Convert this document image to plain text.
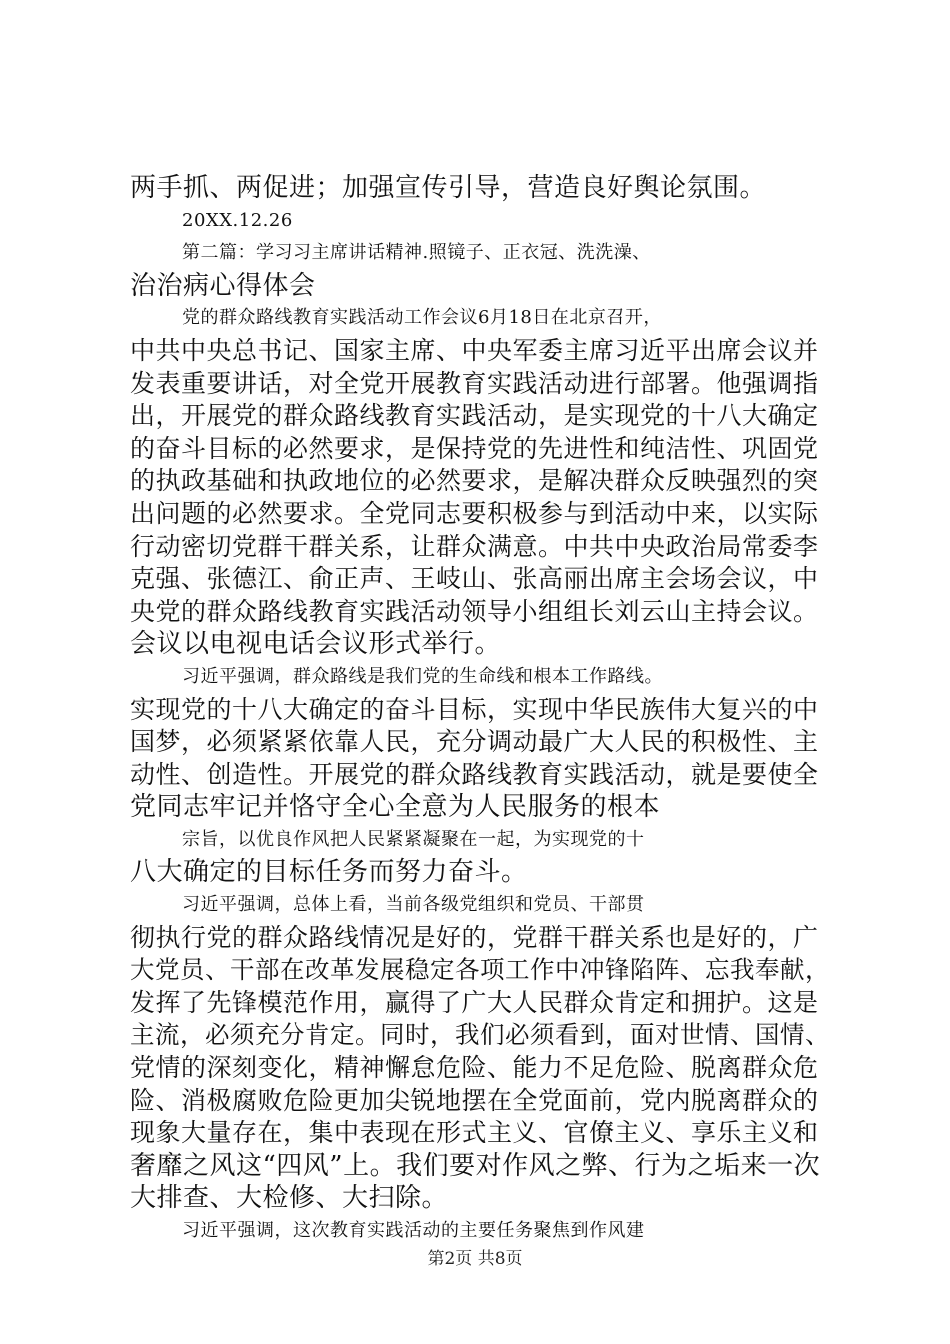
两手抓、两促进；加强宣传引导，营造良好舆论氛围。
20XX.12.26
第二篇：学习习主席讲话精神.照镜子、正衣冠、洗洗澡、
治治病心得体会
党的群众路线教育实践活动工作会议6月18日在北京召开，
中共中央总书记、国家主席、中央军委主席习近平出席会议并
发表重要讲话，对全党开展教育实践活动进行部署。他强调指
出，开展党的群众路线教育实践活动，是实现党的十八大确定
的奋斗目标的必然要求，是保持党的先进性和纯洁性、巩固党
的执政基础和执政地位的必然要求，是解决群众反映强烈的突
出问题的必然要求。全党同志要积极参与到活动中来，以实际
行动密切党群干群关系，让群众满意。中共中央政治局常委李
克强、张德江、俞正声、王岐山、张高丽出席主会场会议，中
央党的群众路线教育实践活动领导小组组长刘云山主持会议。
会议以电视电话会议形式举行。
习近平强调，群众路线是我们党的生命线和根本工作路线。
实现党的十八大确定的奋斗目标，实现中华民族伟大复兴的中
国梦，必须紧紧依靠人民，充分调动最广大人民的积极性、主
动性、创造性。开展党的群众路线教育实践活动，就是要使全
党同志牢记并恪守全心全意为人民服务的根本
宗旨，以优良作风把人民紧紧凝聚在一起，为实现党的十
八大确定的目标任务而努力奋斗。
习近平强调，总体上看，当前各级党组织和党员、干部贯
彻执行党的群众路线情况是好的，党群干群关系也是好的，广
大党员、干部在改革发展稳定各项工作中冲锋陷阵、忘我奉献，
发挥了先锋模范作用，赢得了广大人民群众肯定和拥护。这是
主流，必须充分肯定。同时，我们必须看到，面对世情、国情、
党情的深刻变化，精神懈怠危险、能力不足危险、脱离群众危
险、消极腐败危险更加尖锐地摆在全党面前，党内脱离群众的
现象大量存在，集中表现在形式主义、官僚主义、享乐主义和
奢靡之风这“四风”上。我们要对作风之弊、行为之垢来一次
大排查、大检修、大扫除。
习近平强调，这次教育实践活动的主要任务聚焦到作风建
第2页 共8页
